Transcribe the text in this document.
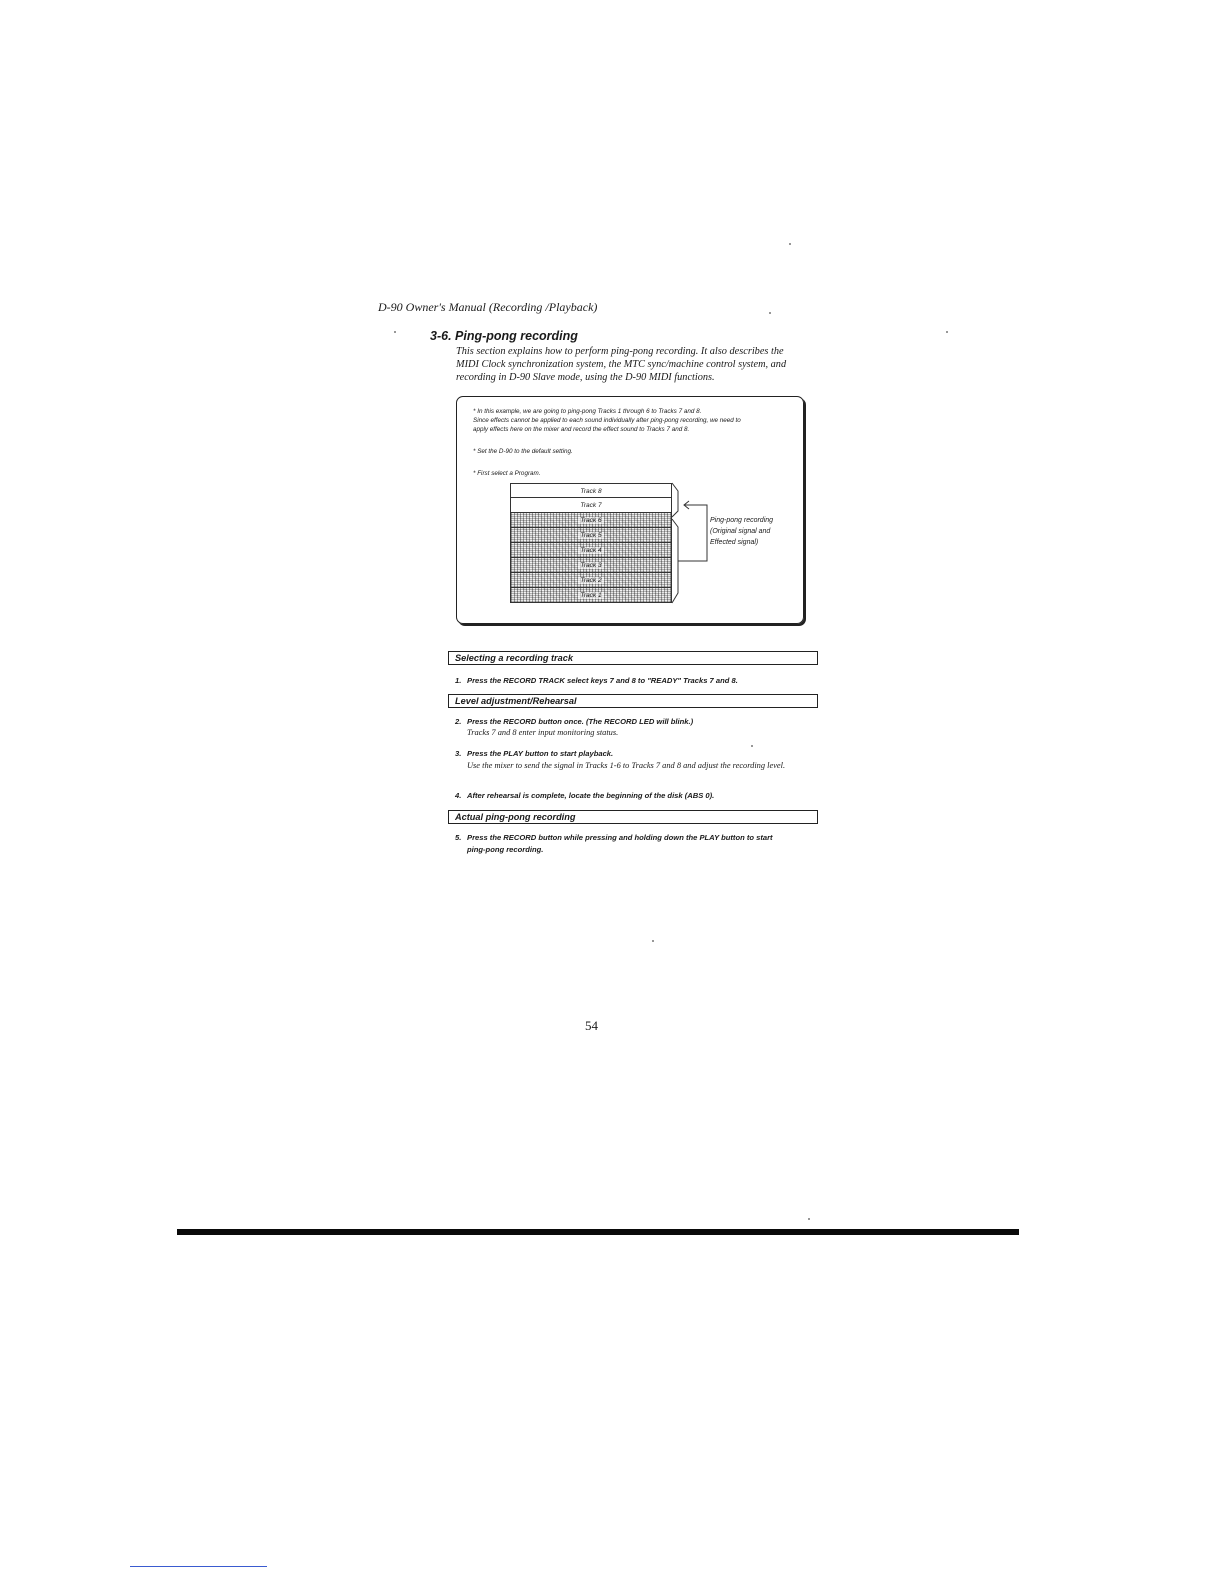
D-90 Owner's Manual (Recording /Playback)
3-6. Ping-pong recording
This section explains how to perform ping-pong recording. It also describes the
MIDI Clock synchronization system, the MTC sync/machine control system, and
recording in D-90 Slave mode, using the D-90 MIDI functions.
* In this example, we are going to ping-pong Tracks 1 through 6 to Tracks 7 and 8.
Since effects cannot be applied to each sound individually after ping-pong recording, we need to
apply effects here on the mixer and record the effect sound to Tracks 7 and 8.
* Set the D-90 to the default setting.
* First select a Program.
Track 8
Track 7
Track 6
Track 5
Track 4
Track 3
Track 2
Track 1
Ping-pong recording
(Original signal and
Effected signal)
Selecting a recording track
1. Press the RECORD TRACK select keys 7 and 8 to "READY" Tracks 7 and 8.
Level adjustment/Rehearsal
2. Press the RECORD button once. (The RECORD LED will blink.)
Tracks 7 and 8 enter input monitoring status.
3. Press the PLAY button to start playback.
Use the mixer to send the signal in Tracks 1-6 to Tracks 7 and 8 and adjust the recording level.
4. After rehearsal is complete, locate the beginning of the disk (ABS 0).
Actual ping-pong recording
5. Press the RECORD button while pressing and holding down the PLAY button to start
ping-pong recording.
54
